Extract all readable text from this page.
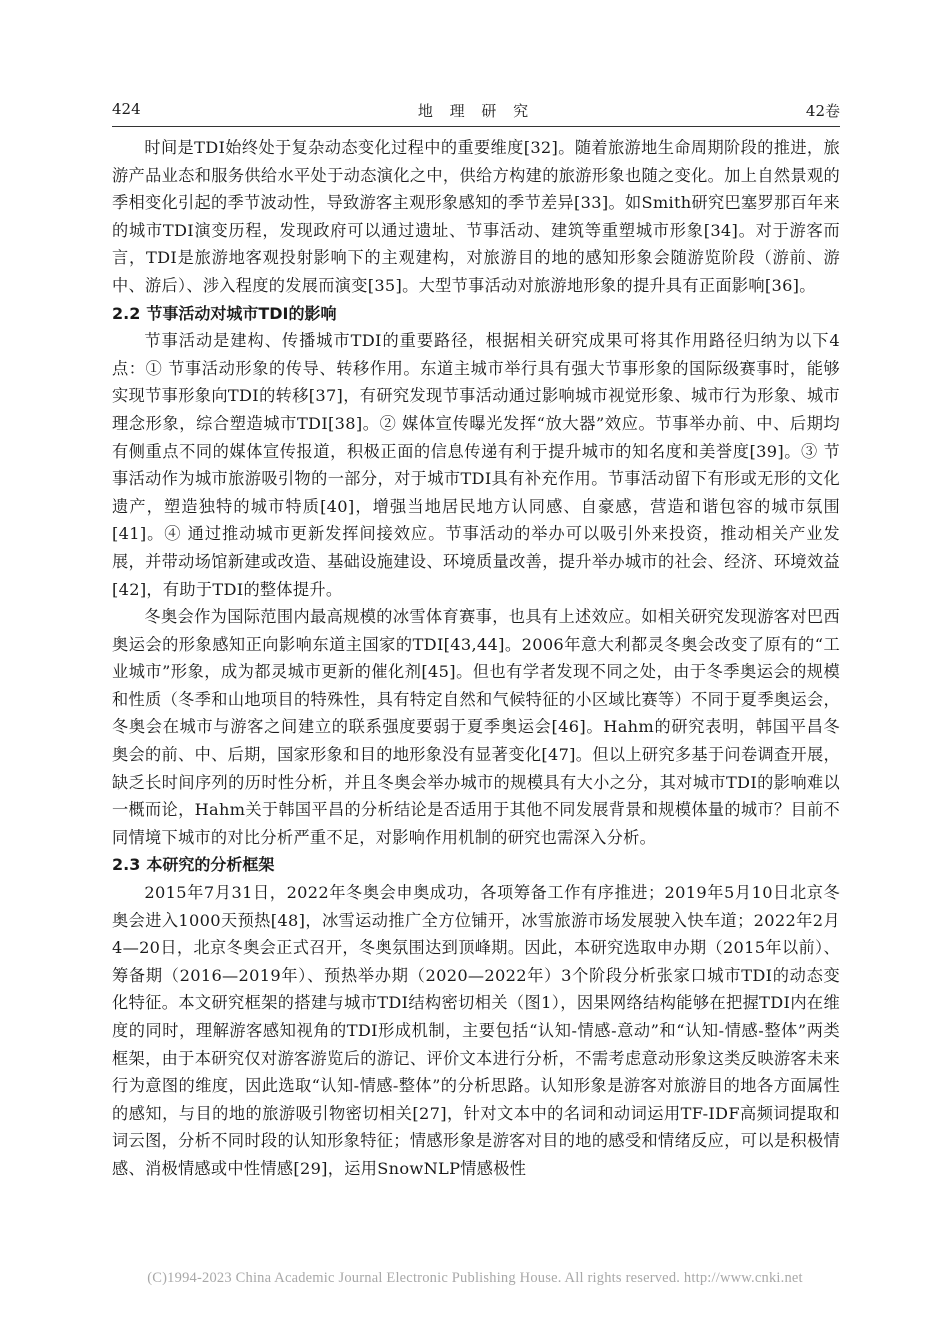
424	地 理 研 究	42卷

时间是TDI始终处于复杂动态变化过程中的重要维度[32]。随着旅游地生命周期阶段的推进，旅游产品业态和服务供给水平处于动态演化之中，供给方构建的旅游形象也随之变化。加上自然景观的季相变化引起的季节波动性，导致游客主观形象感知的季节差异[33]。如Smith研究巴塞罗那百年来的城市TDI演变历程，发现政府可以通过遗址、节事活动、建筑等重塑城市形象[34]。对于游客而言，TDI是旅游地客观投射影响下的主观建构，对旅游目的地的感知形象会随游览阶段（游前、游中、游后）、涉入程度的发展而演变[35]。大型节事活动对旅游地形象的提升具有正面影响[36]。

2.2 节事活动对城市TDI的影响

节事活动是建构、传播城市TDI的重要路径，根据相关研究成果可将其作用路径归纳为以下4点：① 节事活动形象的传导、转移作用。东道主城市举行具有强大节事形象的国际级赛事时，能够实现节事形象向TDI的转移[37]，有研究发现节事活动通过影响城市视觉形象、城市行为形象、城市理念形象，综合塑造城市TDI[38]。② 媒体宣传曝光发挥“放大器”效应。节事举办前、中、后期均有侧重点不同的媒体宣传报道，积极正面的信息传递有利于提升城市的知名度和美誉度[39]。③ 节事活动作为城市旅游吸引物的一部分，对于城市TDI具有补充作用。节事活动留下有形或无形的文化遗产，塑造独特的城市特质[40]，增强当地居民地方认同感、自豪感，营造和谐包容的城市氛围[41]。④ 通过推动城市更新发挥间接效应。节事活动的举办可以吸引外来投资，推动相关产业发展，并带动场馆新建或改造、基础设施建设、环境质量改善，提升举办城市的社会、经济、环境效益[42]，有助于TDI的整体提升。

冬奥会作为国际范围内最高规模的冰雪体育赛事，也具有上述效应。如相关研究发现游客对巴西奥运会的形象感知正向影响东道主国家的TDI[43,44]。2006年意大利都灵冬奥会改变了原有的“工业城市”形象，成为都灵城市更新的催化剂[45]。但也有学者发现不同之处，由于冬季奥运会的规模和性质（冬季和山地项目的特殊性，具有特定自然和气候特征的小区域比赛等）不同于夏季奥运会，冬奥会在城市与游客之间建立的联系强度要弱于夏季奥运会[46]。Hahm的研究表明，韩国平昌冬奥会的前、中、后期，国家形象和目的地形象没有显著变化[47]。但以上研究多基于问卷调查开展，缺乏长时间序列的历时性分析，并且冬奥会举办城市的规模具有大小之分，其对城市TDI的影响难以一概而论，Hahm关于韩国平昌的分析结论是否适用于其他不同发展背景和规模体量的城市？目前不同情境下城市的对比分析严重不足，对影响作用机制的研究也需深入分析。

2.3 本研究的分析框架

2015年7月31日，2022年冬奥会申奥成功，各项筹备工作有序推进；2019年5月10日北京冬奥会进入1000天预热[48]，冰雪运动推广全方位铺开，冰雪旅游市场发展驶入快车道；2022年2月4—20日，北京冬奥会正式召开，冬奥氛围达到顶峰期。因此，本研究选取申办期（2015年以前）、筹备期（2016—2019年）、预热举办期（2020—2022年）3个阶段分析张家口城市TDI的动态变化特征。本文研究框架的搭建与城市TDI结构密切相关（图1），因果网络结构能够在把握TDI内在维度的同时，理解游客感知视角的TDI形成机制，主要包括“认知-情感-意动”和“认知-情感-整体”两类框架，由于本研究仅对游客游览后的游记、评价文本进行分析，不需考虑意动形象这类反映游客未来行为意图的维度，因此选取“认知-情感-整体”的分析思路。认知形象是游客对旅游目的地各方面属性的感知，与目的地的旅游吸引物密切相关[27]，针对文本中的名词和动词运用TF-IDF高频词提取和词云图，分析不同时段的认知形象特征；情感形象是游客对目的地的感受和情绪反应，可以是积极情感、消极情感或中性情感[29]，运用SnowNLP情感极性

(C)1994-2023 China Academic Journal Electronic Publishing House. All rights reserved. http://www.cnki.net
